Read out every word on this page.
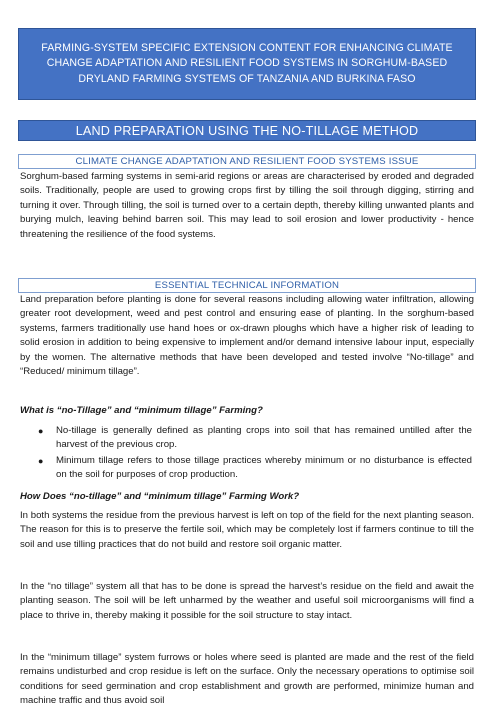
FARMING-SYSTEM SPECIFIC EXTENSION CONTENT FOR ENHANCING CLIMATE
CHANGE ADAPTATION AND RESILIENT FOOD SYSTEMS IN SORGHUM-BASED
DRYLAND FARMING SYSTEMS OF TANZANIA AND BURKINA FASO
LAND PREPARATION USING THE NO-TILLAGE METHOD
CLIMATE CHANGE ADAPTATION AND RESILIENT FOOD SYSTEMS ISSUE

Sorghum-based farming systems in semi-arid regions or areas are characterised by eroded and degraded soils. Traditionally, people are used to growing crops first by tilling the soil through digging, stirring and turning it over. Through tilling, the soil is turned over to a certain depth, thereby killing unwanted plants and burying mulch, leaving behind barren soil. This may lead to soil erosion and lower productivity - hence threatening the resilience of the food systems.

ESSENTIAL TECHNICAL INFORMATION

Land preparation before planting is done for several reasons including allowing water infiltration, allowing greater root development, weed and pest control and ensuring ease of planting. In the sorghum-based systems, farmers traditionally use hand hoes or ox-drawn ploughs which have a higher risk of leading to solid erosion in addition to being expensive to implement and/or demand intensive labour input, especially by the women. The alternative methods that have been developed and tested involve “No-tillage” and “Reduced/ minimum tillage”.

What is “no-Tillage” and “minimum tillage” Farming?

● No-tillage is generally defined as planting crops into soil that has remained untilled after the harvest of the previous crop.
● Minimum tillage refers to those tillage practices whereby minimum or no disturbance is effected on the soil for purposes of crop production.

How Does “no-tillage” and “minimum tillage” Farming Work?

In both systems the residue from the previous harvest is left on top of the field for the next planting season. The reason for this is to preserve the fertile soil, which may be completely lost if farmers continue to till the soil and use tilling practices that do not build and restore soil organic matter.

In the “no tillage” system all that has to be done is spread the harvest’s residue on the field and await the planting season. The soil will be left unharmed by the weather and useful soil microorganisms will find a place to thrive in, thereby making it possible for the soil structure to stay intact.

In the “minimum tillage” system furrows or holes where seed is planted are made and the rest of the field remains undisturbed and crop residue is left on the surface. Only the necessary operations to optimise soil conditions for seed germination and crop establishment and growth are performed, minimize human and machine traffic and thus avoid soil
